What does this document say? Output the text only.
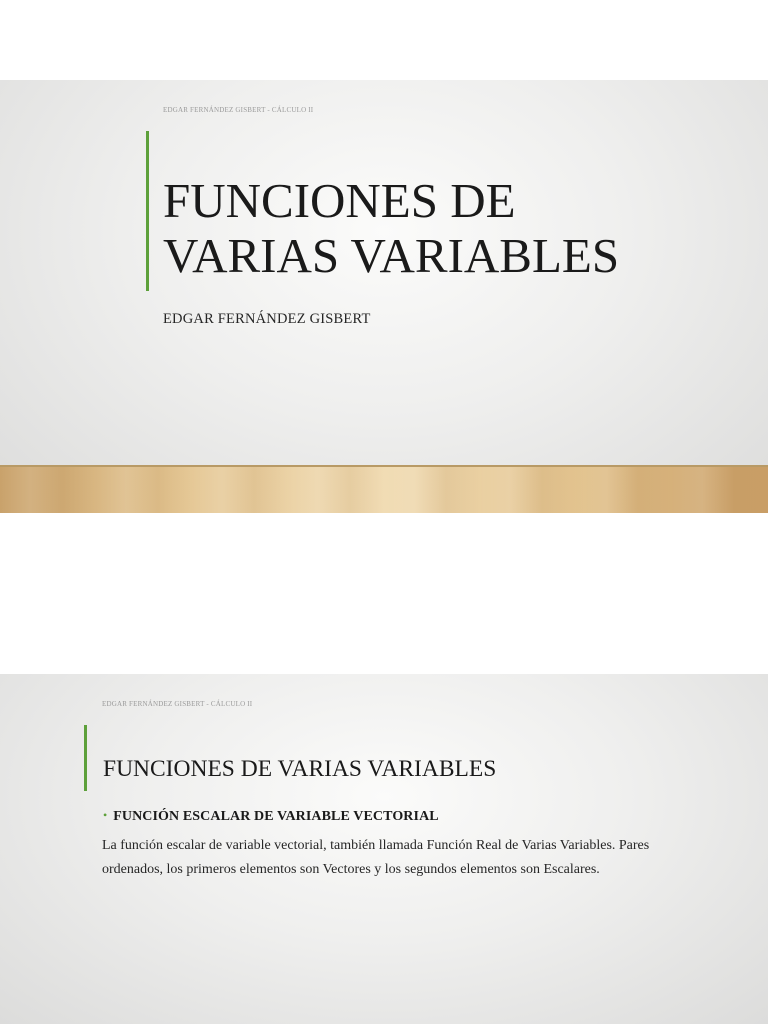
EDGAR FERNÁNDEZ GISBERT - CÁLCULO II
FUNCIONES DE
VARIAS VARIABLES
EDGAR FERNÁNDEZ GISBERT
EDGAR FERNÁNDEZ GISBERT - CÁLCULO II
FUNCIONES DE VARIAS VARIABLES
• FUNCIÓN ESCALAR DE VARIABLE VECTORIAL

La función escalar de variable vectorial, también llamada Función Real de Varias Variables. Pares ordenados, los primeros elementos son Vectores y los segundos elementos son Escalares.
